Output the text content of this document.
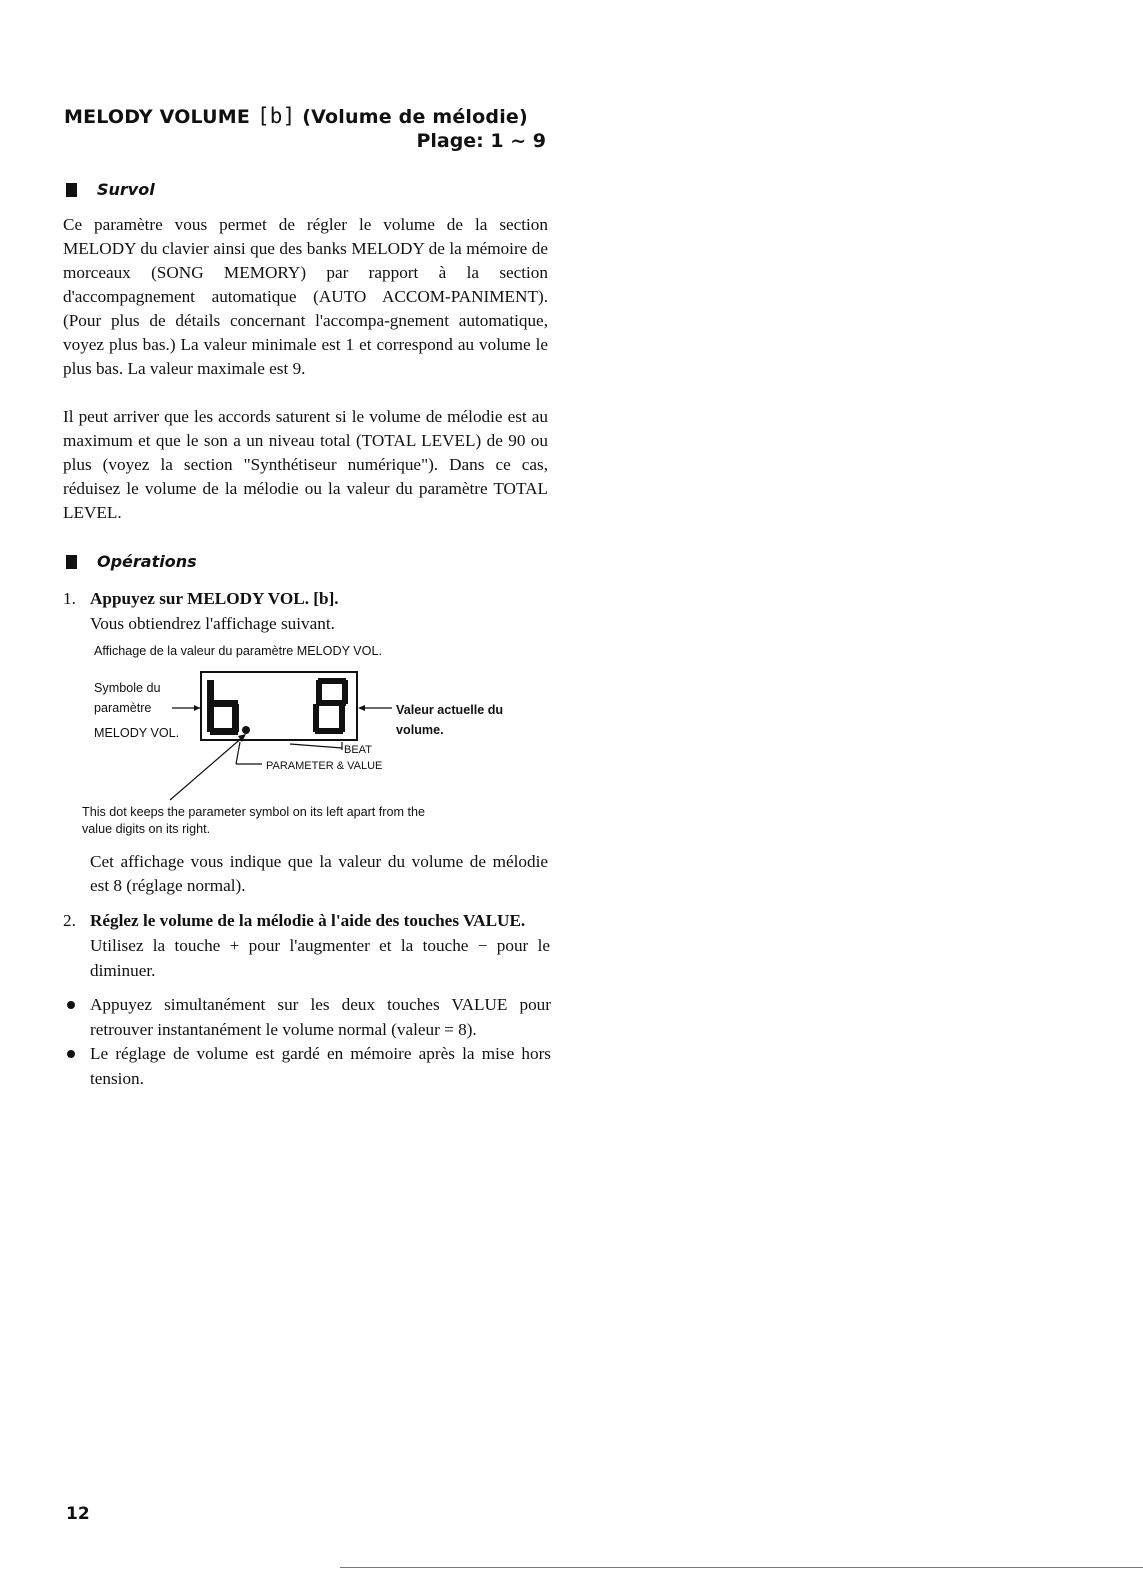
MELODY VOLUME [b] (Volume de mélodie)
Plage: 1 ~ 9
Survol

Ce paramètre vous permet de régler le volume de la section MELODY du clavier ainsi que des banks MELODY de la mémoire de morceaux (SONG MEMORY) par rapport à la section d'accompagnement automatique (AUTO ACCOM-PANIMENT). (Pour plus de détails concernant l'accompa-gnement automatique, voyez plus bas.) La valeur minimale est 1 et correspond au volume le plus bas. La valeur maximale est 9.

Il peut arriver que les accords saturent si le volume de mélodie est au maximum et que le son a un niveau total (TOTAL LEVEL) de 90 ou plus (voyez la section "Synthétiseur numérique"). Dans ce cas, réduisez le volume de la mélodie ou la valeur du paramètre TOTAL LEVEL.

Opérations
1. Appuyez sur MELODY VOL. [b].
Vous obtiendrez l'affichage suivant.
Affichage de la valeur du paramètre MELODY VOL.
Symbole du
paramètre
MELODY VOL.
Valeur actuelle du
volume.
BEAT
PARAMETER & VALUE
This dot keeps the parameter symbol on its left apart from the
value digits on its right.

Cet affichage vous indique que la valeur du volume de mélodie est 8 (réglage normal).

2. Réglez le volume de la mélodie à l'aide des touches VALUE.
Utilisez la touche + pour l'augmenter et la touche − pour le diminuer.
Appuyez simultanément sur les deux touches VALUE pour retrouver instantanément le volume normal (valeur = 8).
Le réglage de volume est gardé en mémoire après la mise hors tension.
12
